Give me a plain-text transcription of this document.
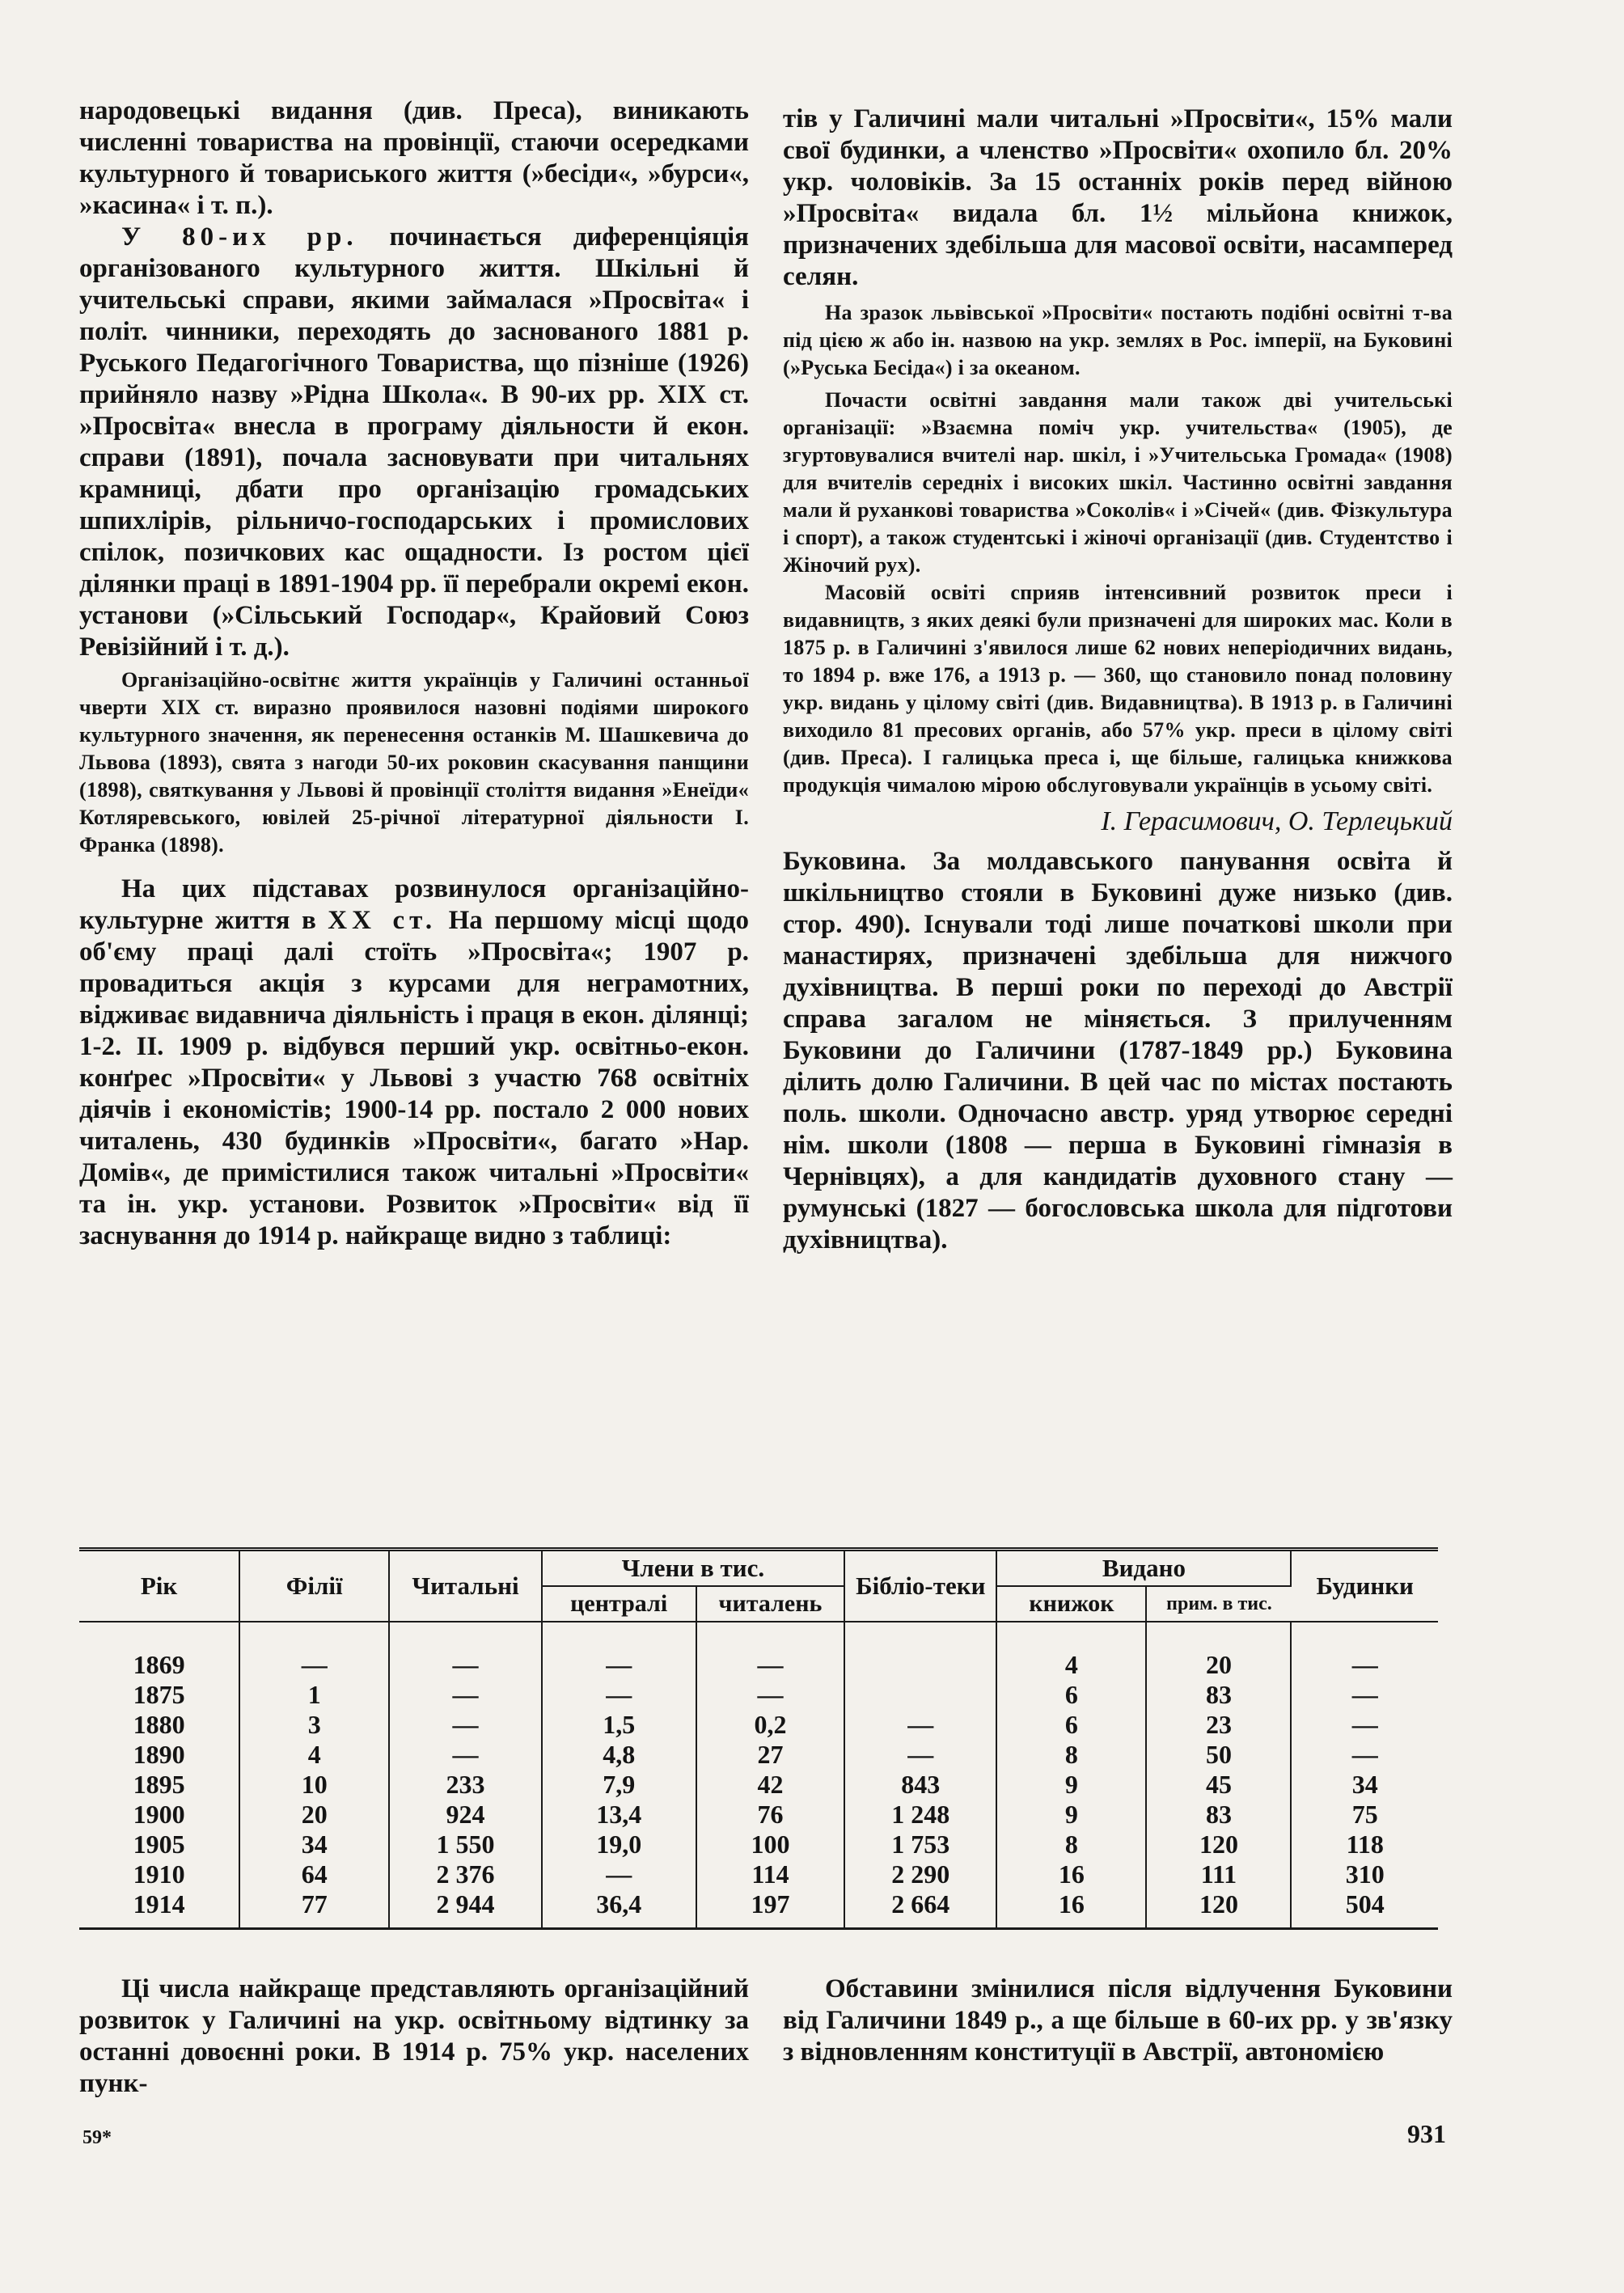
народовецькі видання (див. Преса), виникають численні товариства на провінції, стаючи осередками культурного й товариського життя (»бесіди«, »бурси«, »касина« і т. п.).

У 80-их рр. починається диференціяція організованого культурного життя. Шкільні й учительські справи, якими займалася »Просвіта« і політ. чинники, переходять до заснованого 1881 р. Руського Педагогічного Товариства, що пізніше (1926) прийняло назву »Рідна Школа«. В 90-их рр. XIX ст. »Просвіта« внесла в програму діяльности й екон. справи (1891), почала засновувати при читальнях крамниці, дбати про організацію громадських шпихлірів, рільничо-господарських і промислових спілок, позичкових кас ощадности. Із ростом цієї ділянки праці в 1891-1904 рр. її перебрали окремі екон. установи (»Сільський Господар«, Крайовий Союз Ревізійний і т. д.).

Організаційно-освітнє життя українців у Галичині останньої чверти XIX ст. виразно проявилося назовні подіями широкого культурного значення, як перенесення останків М. Шашкевича до Львова (1893), свята з нагоди 50-их роковин скасування панщини (1898), святкування у Львові й провінції століття видання »Енеїди« Котляревського, ювілей 25-річної літературної діяльности І. Франка (1898).

На цих підставах розвинулося організаційно-культурне життя в XX ст. На першому місці щодо об'єму праці далі стоїть »Просвіта«; 1907 р. провадиться акція з курсами для неграмотних, відживає видавнича діяльність і праця в екон. ділянці; 1-2. II. 1909 р. відбувся перший укр. освітньо-екон. конґрес »Просвіти« у Львові з участю 768 освітніх діячів і економістів; 1900-14 рр. постало 2 000 нових читалень, 430 будинків »Просвіти«, багато »Нар. Домів«, де примістилися також читальні »Просвіти« та ін. укр. установи. Розвиток »Просвіти« від її заснування до 1914 р. найкраще видно з таблиці:

тів у Галичині мали читальні »Просвіти«, 15% мали свої будинки, а членство »Просвіти« охопило бл. 20% укр. чоловіків. За 15 останніх років перед війною »Просвіта« видала бл. 1½ мільйона книжок, призначених здебільша для масової освіти, насамперед селян.

На зразок львівської »Просвіти« постають подібні освітні т-ва під цією ж або ін. назвою на укр. землях в Рос. імперії, на Буковині (»Руська Бесіда«) і за океаном.

Почасти освітні завдання мали також дві учительські організації: »Взаємна поміч укр. учительства« (1905), де згуртовувалися вчителі нар. шкіл, і »Учительська Громада« (1908) для вчителів середніх і високих шкіл. Частинно освітні завдання мали й руханкові товариства »Соколів« і »Січей« (див. Фізкультура і спорт), а також студентські і жіночі організації (див. Студентство і Жіночий рух).

Масовій освіті сприяв інтенсивний розвиток преси і видавництв, з яких деякі були призначені для широких мас. Коли в 1875 р. в Галичині з'явилося лише 62 нових неперіодичних видань, то 1894 р. вже 176, а 1913 р. — 360, що становило понад половину укр. видань у цілому світі (див. Видавництва). В 1913 р. в Галичині виходило 81 пресових органів, або 57% укр. преси в цілому світі (див. Преса). І галицька преса і, ще більше, галицька книжкова продукція чималою мірою обслуговували українців в усьому світі.

І. Герасимович, О. Терлецький

Буковина. За молдавського панування освіта й шкільництво стояли в Буковині дуже низько (див. стор. 490). Існували тоді лише початкові школи при манастирях, призначені здебільша для нижчого духівництва. В перші роки по переході до Австрії справа загалом не міняється. З прилученням Буковини до Галичини (1787-1849 рр.) Буковина ділить долю Галичини. В цей час по містах постають поль. школи. Одночасно австр. уряд утворює середні нім. школи (1808 — перша в Буковині гімназія в Чернівцях), а для кандидатів духовного стану — румунські (1827 — богословська школа для підготови духівництва).

Рік	Філії	Читальні	Члени в тис.		Бібліо-теки	Видано		Будинки
			централі	читалень		книжок	прим. в тис.	

1869	—	—	—	—		4	20	—
1875	1	—	—	—		6	83	—
1880	3	—	1,5	0,2	—	6	23	—
1890	4	—	4,8	27	—	8	50	—
1895	10	233	7,9	42	843	9	45	34
1900	20	924	13,4	76	1 248	9	83	75
1905	34	1 550	19,0	100	1 753	8	120	118
1910	64	2 376	—	114	2 290	16	111	310
1914	77	2 944	36,4	197	2 664	16	120	504

Ці числа найкраще представляють організаційний розвиток у Галичині на укр. освітньому відтинку за останні довоєнні роки. В 1914 р. 75% укр. населених пунк-

Обставини змінилися після відлучення Буковини від Галичини 1849 р., а ще більше в 60-их рр. у зв'язку з відновленням конституції в Австрії, автономією

59*	931
